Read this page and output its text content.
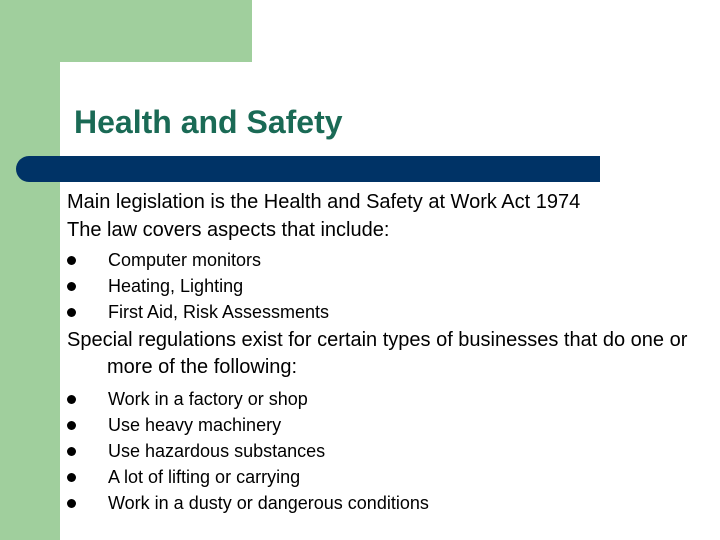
Health and Safety

Main legislation is the Health and Safety at Work Act 1974

The law covers aspects that include:

Computer monitors
Heating, Lighting
First Aid, Risk Assessments

Special regulations exist for certain types of businesses that do one or more of the following:

Work in a factory or shop
Use heavy machinery
Use hazardous substances
A lot of lifting or carrying
Work in a dusty or dangerous conditions
